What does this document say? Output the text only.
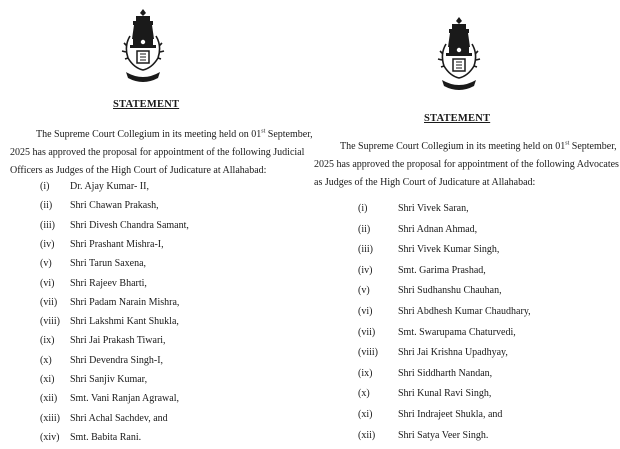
STATEMENT
The Supreme Court Collegium in its meeting held on 01st September,
2025 has approved the proposal for appointment of the following Judicial
Officers as Judges of the High Court of Judicature at Allahabad:
(i) Dr. Ajay Kumar- II,
(ii) Shri Chawan Prakash,
(iii) Shri Divesh Chandra Samant,
(iv) Shri Prashant Mishra-I,
(v) Shri Tarun Saxena,
(vi) Shri Rajeev Bharti,
(vii) Shri Padam Narain Mishra,
(viii) Shri Lakshmi Kant Shukla,
(ix) Shri Jai Prakash Tiwari,
(x) Shri Devendra Singh-I,
(xi) Shri Sanjiv Kumar,
(xii) Smt. Vani Ranjan Agrawal,
(xiii) Shri Achal Sachdev, and
(xiv) Smt. Babita Rani.
STATEMENT
The Supreme Court Collegium in its meeting held on 01st September,
2025 has approved the proposal for appointment of the following Advocates
as Judges of the High Court of Judicature at Allahabad:
(i)	Shri Vivek Saran,
(ii)	Shri Adnan Ahmad,
(iii)	Shri Vivek Kumar Singh,
(iv)	Smt. Garima Prashad,
(v)	Shri Sudhanshu Chauhan,
(vi)	Shri Abdhesh Kumar Chaudhary,
(vii) Smt. Swarupama Chaturvedi,
(viii) Shri Jai Krishna Upadhyay,
(ix)	Shri Siddharth Nandan,
(x)	Shri Kunal Ravi Singh,
(xi)	Shri Indrajeet Shukla, and
(xii) Shri Satya Veer Singh.
